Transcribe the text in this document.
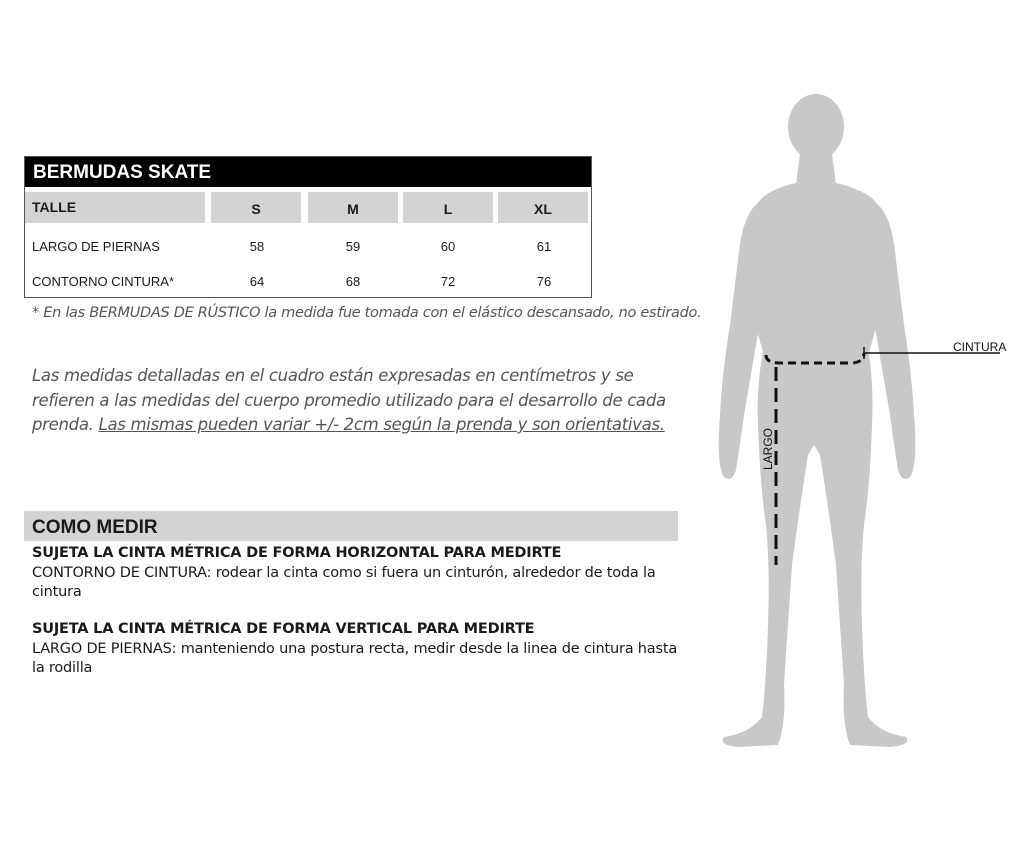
BERMUDAS SKATE
TALLE	S	M	L	XL
LARGO DE PIERNAS	58	59	60	61
CONTORNO CINTURA*	64	68	72	76
* En las BERMUDAS DE RÚSTICO la medida fue tomada con el elástico descansado, no estirado.
Las medidas detalladas en el cuadro están expresadas en centímetros y se refieren a las medidas del cuerpo promedio utilizado para el desarrollo de cada prenda. Las mismas pueden variar +/- 2cm según la prenda y son orientativas.
COMO MEDIR
SUJETA LA CINTA MÉTRICA DE FORMA HORIZONTAL PARA MEDIRTE
CONTORNO DE CINTURA: rodear la cinta como si fuera un cinturón, alrededor de toda la cintura
SUJETA LA CINTA MÉTRICA DE FORMA VERTICAL PARA MEDIRTE
LARGO DE PIERNAS: manteniendo una postura recta, medir desde la linea de cintura hasta la rodilla
CINTURA
LARGO
